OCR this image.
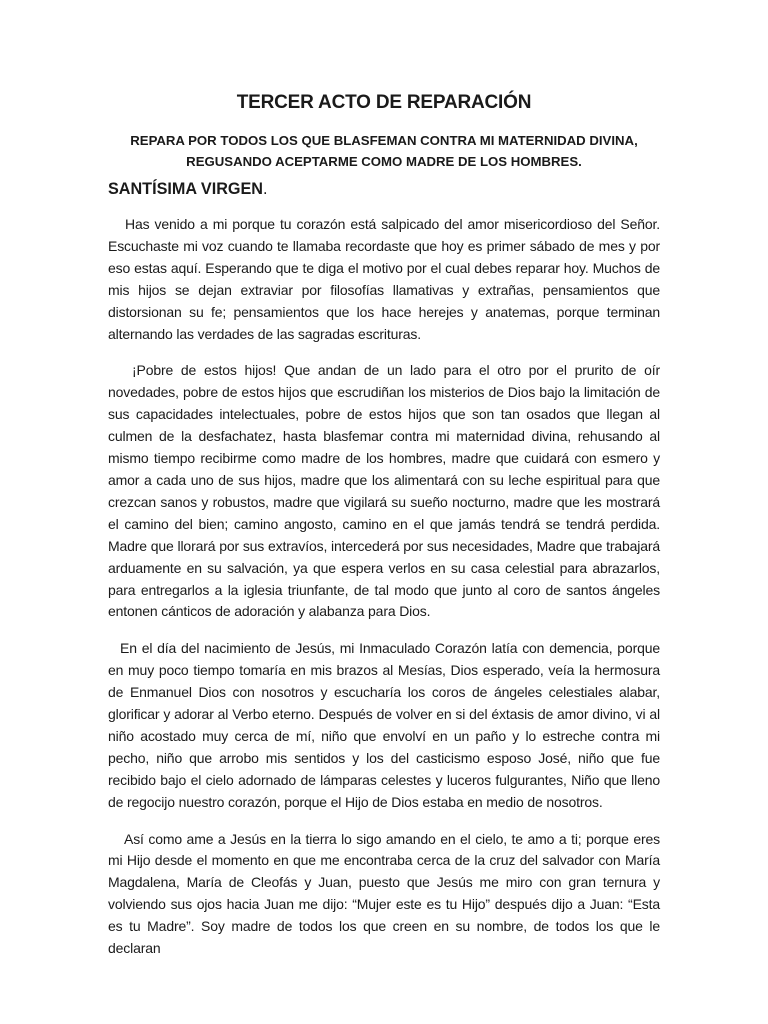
TERCER ACTO DE REPARACIÓN

REPARA POR TODOS LOS QUE BLASFEMAN CONTRA MI MATERNIDAD DIVINA,
REGUSANDO ACEPTARME COMO MADRE DE LOS HOMBRES.

SANTÍSIMA VIRGEN.

Has venido a mi porque tu corazón está salpicado del amor misericordioso del Señor. Escuchaste mi voz cuando te llamaba recordaste que hoy es primer sábado de mes y por eso estas aquí. Esperando que te diga el motivo por el cual debes reparar hoy. Muchos de mis hijos se dejan extraviar por filosofías llamativas y extrañas, pensamientos que distorsionan su fe; pensamientos que los hace herejes y anatemas, porque terminan alternando las verdades de las sagradas escrituras.

¡Pobre de estos hijos! Que andan de un lado para el otro por el prurito de oír novedades, pobre de estos hijos que escrudiñan los misterios de Dios bajo la limitación de sus capacidades intelectuales, pobre de estos hijos que son tan osados que llegan al culmen de la desfachatez, hasta blasfemar contra mi maternidad divina, rehusando al mismo tiempo recibirme como madre de los hombres, madre que cuidará con esmero y amor a cada uno de sus hijos, madre que los alimentará con su leche espiritual para que crezcan sanos y robustos, madre que vigilará su sueño nocturno, madre que les mostrará el camino del bien; camino angosto, camino en el que jamás tendrá se tendrá perdida. Madre que llorará por sus extravíos, intercederá por sus necesidades, Madre que trabajará arduamente en su salvación, ya que espera verlos en su casa celestial para abrazarlos, para entregarlos a la iglesia triunfante, de tal modo que junto al coro de santos ángeles entonen cánticos de adoración y alabanza para Dios.

En el día del nacimiento de Jesús, mi Inmaculado Corazón latía con demencia, porque en muy poco tiempo tomaría en mis brazos al Mesías, Dios esperado, veía la hermosura de Enmanuel Dios con nosotros y escucharía los coros de ángeles celestiales alabar, glorificar y adorar al Verbo eterno. Después de volver en si del éxtasis de amor divino, vi al niño acostado muy cerca de mí, niño que envolví en un paño y lo estreche contra mi pecho, niño que arrobo mis sentidos y los del casticismo esposo José, niño que fue recibido bajo el cielo adornado de lámparas celestes y luceros fulgurantes, Niño que lleno de regocijo nuestro corazón, porque el Hijo de Dios estaba en medio de nosotros.

Así como ame a Jesús en la tierra lo sigo amando en el cielo, te amo a ti; porque eres mi Hijo desde el momento en que me encontraba cerca de la cruz del salvador con María Magdalena, María de Cleofás y Juan, puesto que Jesús me miro con gran ternura y volviendo sus ojos hacia Juan me dijo: “Mujer este es tu Hijo” después dijo a Juan: “Esta es tu Madre”. Soy madre de todos los que creen en su nombre, de todos los que le declaran
